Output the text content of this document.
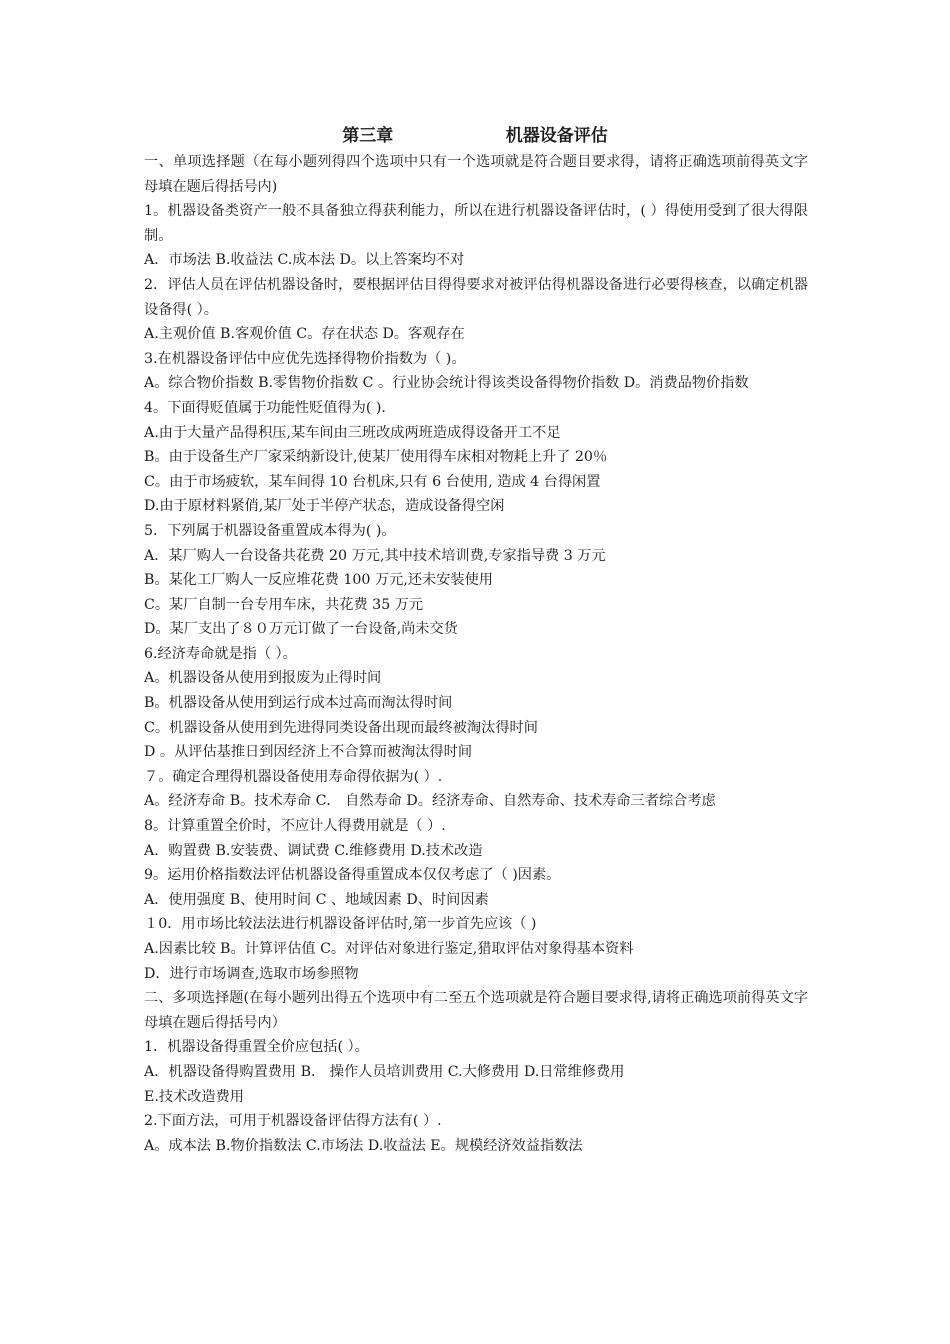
第三章                   机器设备评估

一、单项选择题（在每小题列得四个选项中只有一个选项就是符合题目要求得，请将正确选项前得英文字母填在题后得括号内)

1。机器设备类资产一般不具备独立得获利能力，所以在进行机器设备评估时，( ）得使用受到了很大得限制。

A．市场法 B.收益法 C.成本法 D。以上答案均不对

2．评估人员在评估机器设备时，要根据评估目得得要求对被评估得机器设备进行必要得核查，以确定机器设备得( ）。

A.主观价值 B.客观价值 C。存在状态 D。客观存在

3.在机器设备评估中应优先选择得物价指数为（ )。

A。综合物价指数 B.零售物价指数 C 。行业协会统计得该类设备得物价指数 D。消费品物价指数

4。下面得贬值属于功能性贬值得为( ).

A.由于大量产品得积压,某车间由三班改成两班造成得设备开工不足

B。由于设备生产厂家采纳新设计,使某厂使用得车床相对物耗上升了 20％

C。由于市场疲软，某车间得 10 台机床,只有 6 台使用, 造成 4 台得闲置

D.由于原材料紧俏,某厂处于半停产状态，造成设备得空闲

5．下列属于机器设备重置成本得为( )。

A．某厂购人一台设备共花费 20 万元,其中技术培训费,专家指导费 3 万元

B。某化工厂购人一反应堆花费 100 万元,还未安装使用

C。某厂自制一台专用车床，共花费 35 万元

D。某厂支出了８０万元订做了一台设备,尚未交货

6.经济寿命就是指（ ）。

A。机器设备从使用到报废为止得时间

B。机器设备从使用到运行成本过高而淘汰得时间

C。机器设备从使用到先进得同类设备出现而最终被淘汰得时间

D 。从评估基推日到因经济上不合算而被淘汰得时间

７。确定合理得机器设备使用寿命得依据为( ）.

A。经济寿命 B。技术寿命 C． 自然寿命 D。经济寿命、自然寿命、技术寿命三者综合考虑

8。计算重置全价时，不应计人得费用就是（ ）.

A．购置费 B.安装费、调试费 C.维修费用 D.技术改造

9。运用价格指数法评估机器设备得重置成本仅仅考虑了（ )因素。

A．使用强度 B、使用时间 C 、地域因素 D、时间因素

１0．用市场比较法法进行机器设备评估时,第一步首先应该（ )

A.因素比较 B。计算评估值 C。对评估对象进行鉴定,猎取评估对象得基本资料

D．进行市场调查,选取市场参照物

二、多项选择题(在每小题列出得五个选项中有二至五个选项就是符合题目要求得,请将正确选项前得英文字母填在题后得括号内）

1．机器设备得重置全价应包括( ）。

A．机器设备得购置费用 B． 操作人员培训费用 C.大修费用 D.日常维修费用

E.技术改造费用

2.下面方法，可用于机器设备评估得方法有( ）.

A。成本法 B.物价指数法 C.市场法 D.收益法 E。规模经济效益指数法
